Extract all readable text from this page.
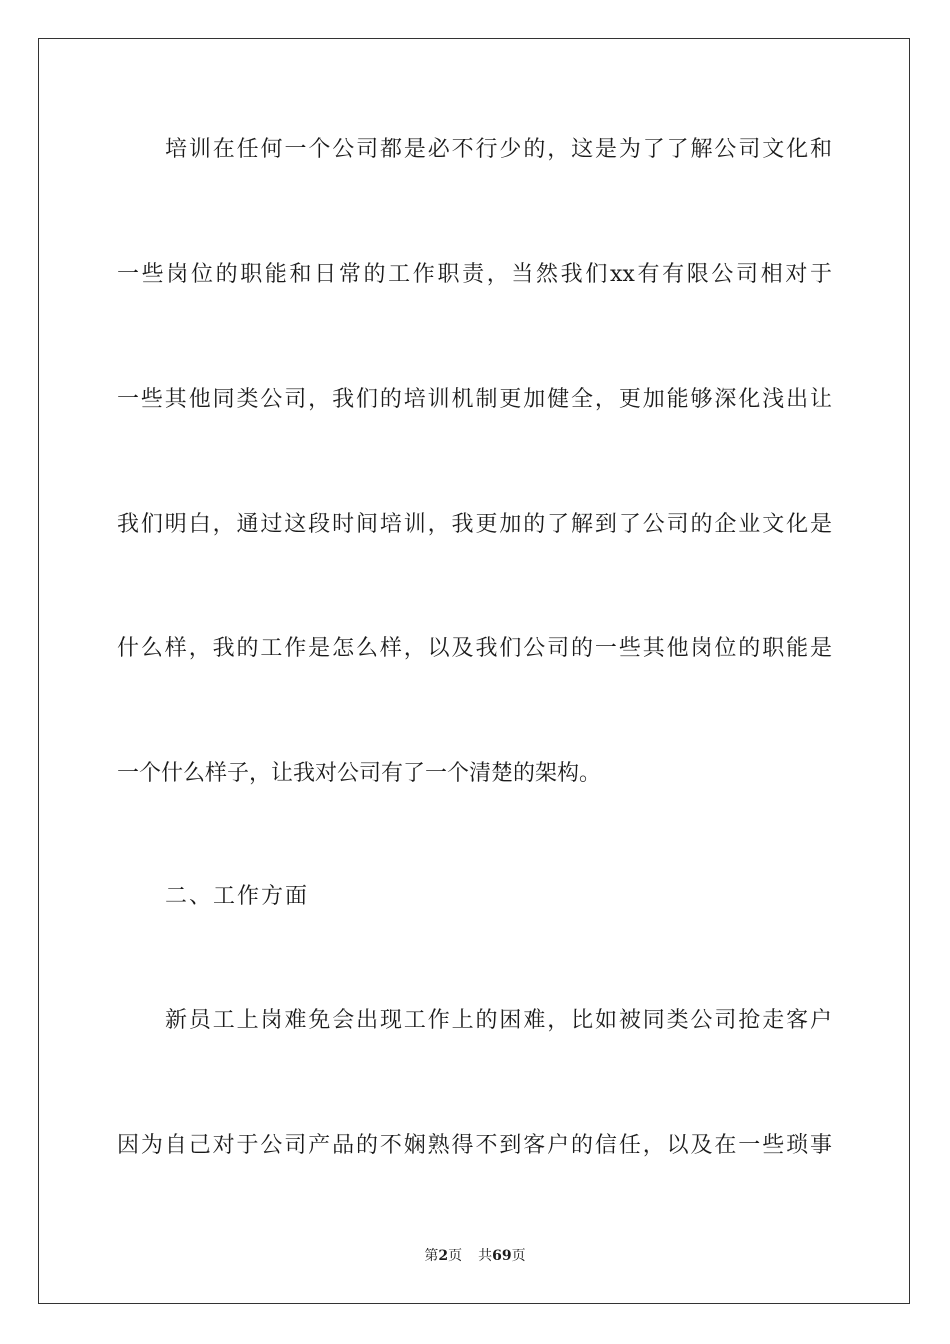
培训在任何一个公司都是必不行少的，这是为了了解公司文化和
一些岗位的职能和日常的工作职责，当然我们xx有有限公司相对于
一些其他同类公司，我们的培训机制更加健全，更加能够深化浅出让
我们明白，通过这段时间培训，我更加的了解到了公司的企业文化是
什么样，我的工作是怎么样，以及我们公司的一些其他岗位的职能是
一个什么样子，让我对公司有了一个清楚的架构。
二、工作方面
新员工上岗难免会出现工作上的困难，比如被同类公司抢走客户
因为自己对于公司产品的不娴熟得不到客户的信任，以及在一些琐事
第2页 共69页
